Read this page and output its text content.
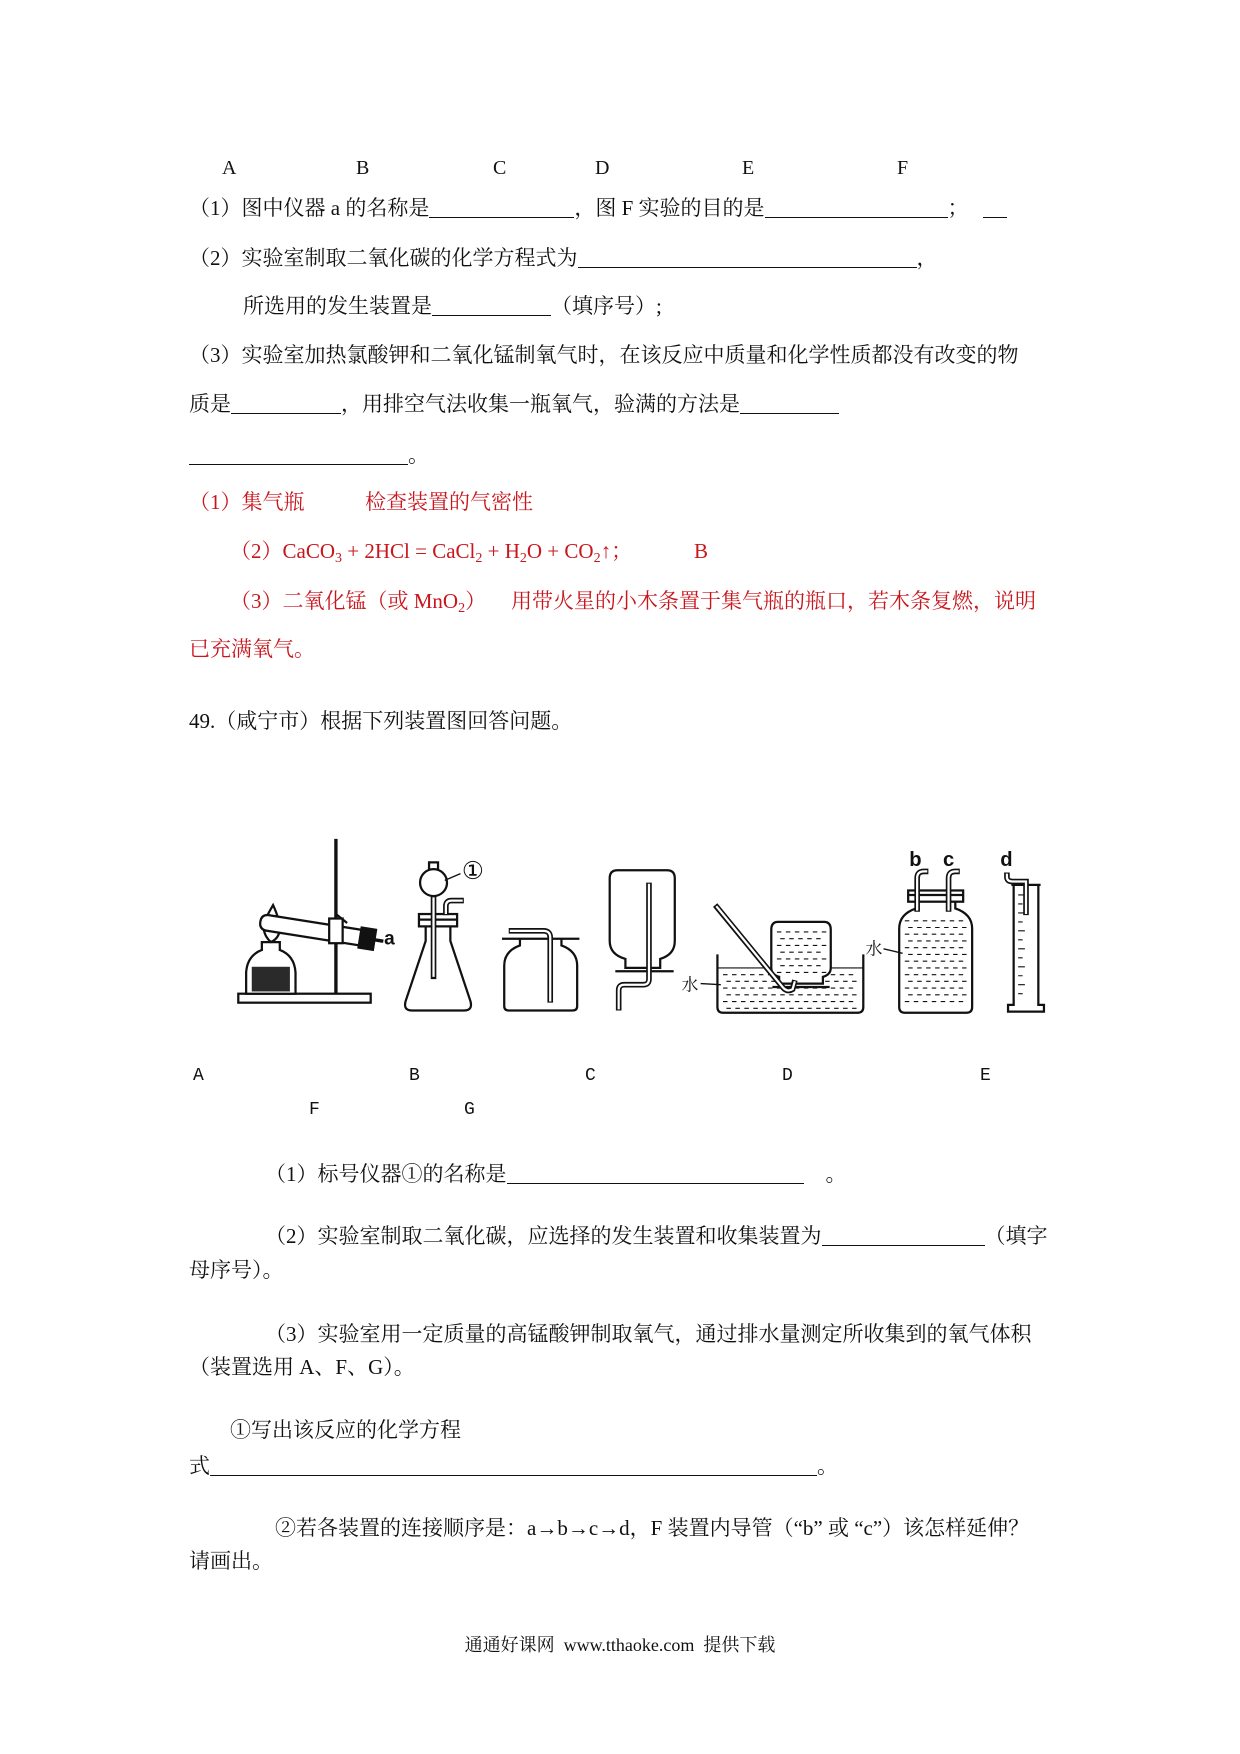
A	B	C	D	E	F
（1）图中仪器 a 的名称是	，图 F 实验的目的是	；
（2）实验室制取二氧化碳的化学方程式为	，
所选用的发生装置是	（填序号）;
（3）实验室加热氯酸钾和二氧化锰制氧气时，在该反应中质量和化学性质都没有改变的物
质是	，用排空气法收集一瓶氧气，验满的方法是
。
（1）集气瓶	检查装置的气密性
（2）CaCO$_3$ + 2HCl = CaCl$_2$ + $H_2O$ + $CO_2↑$；	B
（3）二氧化锰（或 MnO$_2$） 用带火星的小木条置于集气瓶的瓶口，若木条复燃，说明
已充满氧气。
49.（咸宁市）根据下列装置图回答问题。
a
①
水
b c
水
d
A	B	C	D	E
F	G
（1）标号仪器①的名称是	。
（2）实验室制取二氧化碳，应选择的发生装置和收集装置为	（填字
母序号）。
（3）实验室用一定质量的高锰酸钾制取氧气，通过排水量测定所收集到的氧气体积
（装置选用 A、F、G）。
①写出该反应的化学方程
式	。
②若各装置的连接顺序是：a→b→c→d，F 装置内导管（“b” 或 “c”）该怎样延伸？
请画出。
通通好课网  www.tthaoke.com  提供下载
